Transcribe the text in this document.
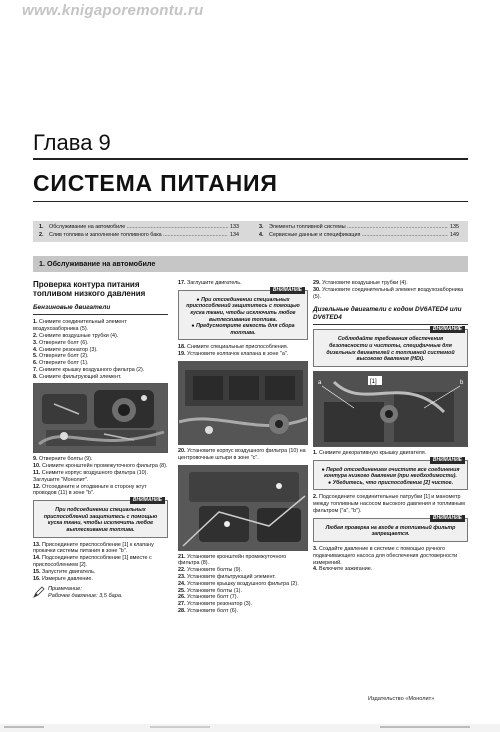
www.knigaporemontu.ru
Глава 9
СИСТЕМА ПИТАНИЯ
1.	Обслуживание на автомобиле .....	133
2.	Слив топлива и заполнение топливного бака .....	134
3.	Элементы топливной системы .....	135
4.	Сервисные данные и спецификация .....	149
1. Обслуживание на автомобиле
Проверка контура питания топливом низкого давления
Бензиновые двигатели
1. Снимите соединительный элемент воздухозаборника (5).
2. Снимите воздушные трубки (4).
3. Отверните болт (6).
4. Снимите резонатор (3).
5. Отверните болт (2).
6. Отверните болт (1).
7. Снимите крышку воздушного фильтра (2).
8. Снимите фильтрующий элемент.
9. Отверните болты (9).
10. Снимите кронштейн промежуточного фильтра (8).
11. Снимите корпус воздушного фильтра (10). Заглушите "Монолит".
12. Отсоедините и отодвиньте в сторону жгут проводов (11) в зоне "b".
ВНИМАНИЕ
При подсоединении специальных приспособлений защититесь с помощью куска ткани, чтобы исключить любое выплескивание топлива.
13. Присоедините приспособление [1] к клапану прокачки системы питания в зоне "b".
14. Подсоедините приспособление [1] вместе с приспособлением [2].
15. Запустите двигатель.
16. Измерьте давление.
Примечание:
Рабочее давление: 3,5 бара.
17. Заглушите двигатель.
ВНИМАНИЕ
● При отсоединении специальных приспособлений защититесь с помощью куска ткани, чтобы исключить любое выплескивание топлива.
● Предусмотрите емкость для сбора топлива.
18. Снимите специальные приспособления.
19. Установите колпачок клапана в зоне "a".
20. Установите корпус воздушного фильтра (10) на центровочные штыри в зоне "c".
21. Установите кронштейн промежуточного фильтра (8).
22. Установите болты (9).
23. Установите фильтрующий элемент.
24. Установите крышку воздушного фильтра (2).
25. Установите болты (1).
26. Установите болт (7).
27. Установите резонатор (3).
28. Установите болт (6).
29. Установите воздушные трубки (4).
30. Установите соединительный элемент воздухозаборника (5).
Дизельные двигатели с кодом DV6ATED4 или DV6TED4
ВНИМАНИЕ
Соблюдайте требования обеспечения безопасности и чистоты, специфичные для дизельных двигателей с топливной системой высокого давления (HDi).
[1]
a	b
1. Снимите декоративную крышку двигателя.
ВНИМАНИЕ
● Перед отсоединением очистите все соединения контура низкого давления (при необходимости).
● Убедитесь, что приспособление [2] чистое.
2. Подсоедините соединительные патрубки [1] и манометр между топливным насосом высокого давления и топливным фильтром ("a", "b").
ВНИМАНИЕ
Любая проверка на входе в топливный фильтр запрещается.
3. Создайте давление в системе с помощью ручного подкачивающего насоса для обеспечения достоверности измерений.
4. Включите зажигание.
Издательство «Монолит»
